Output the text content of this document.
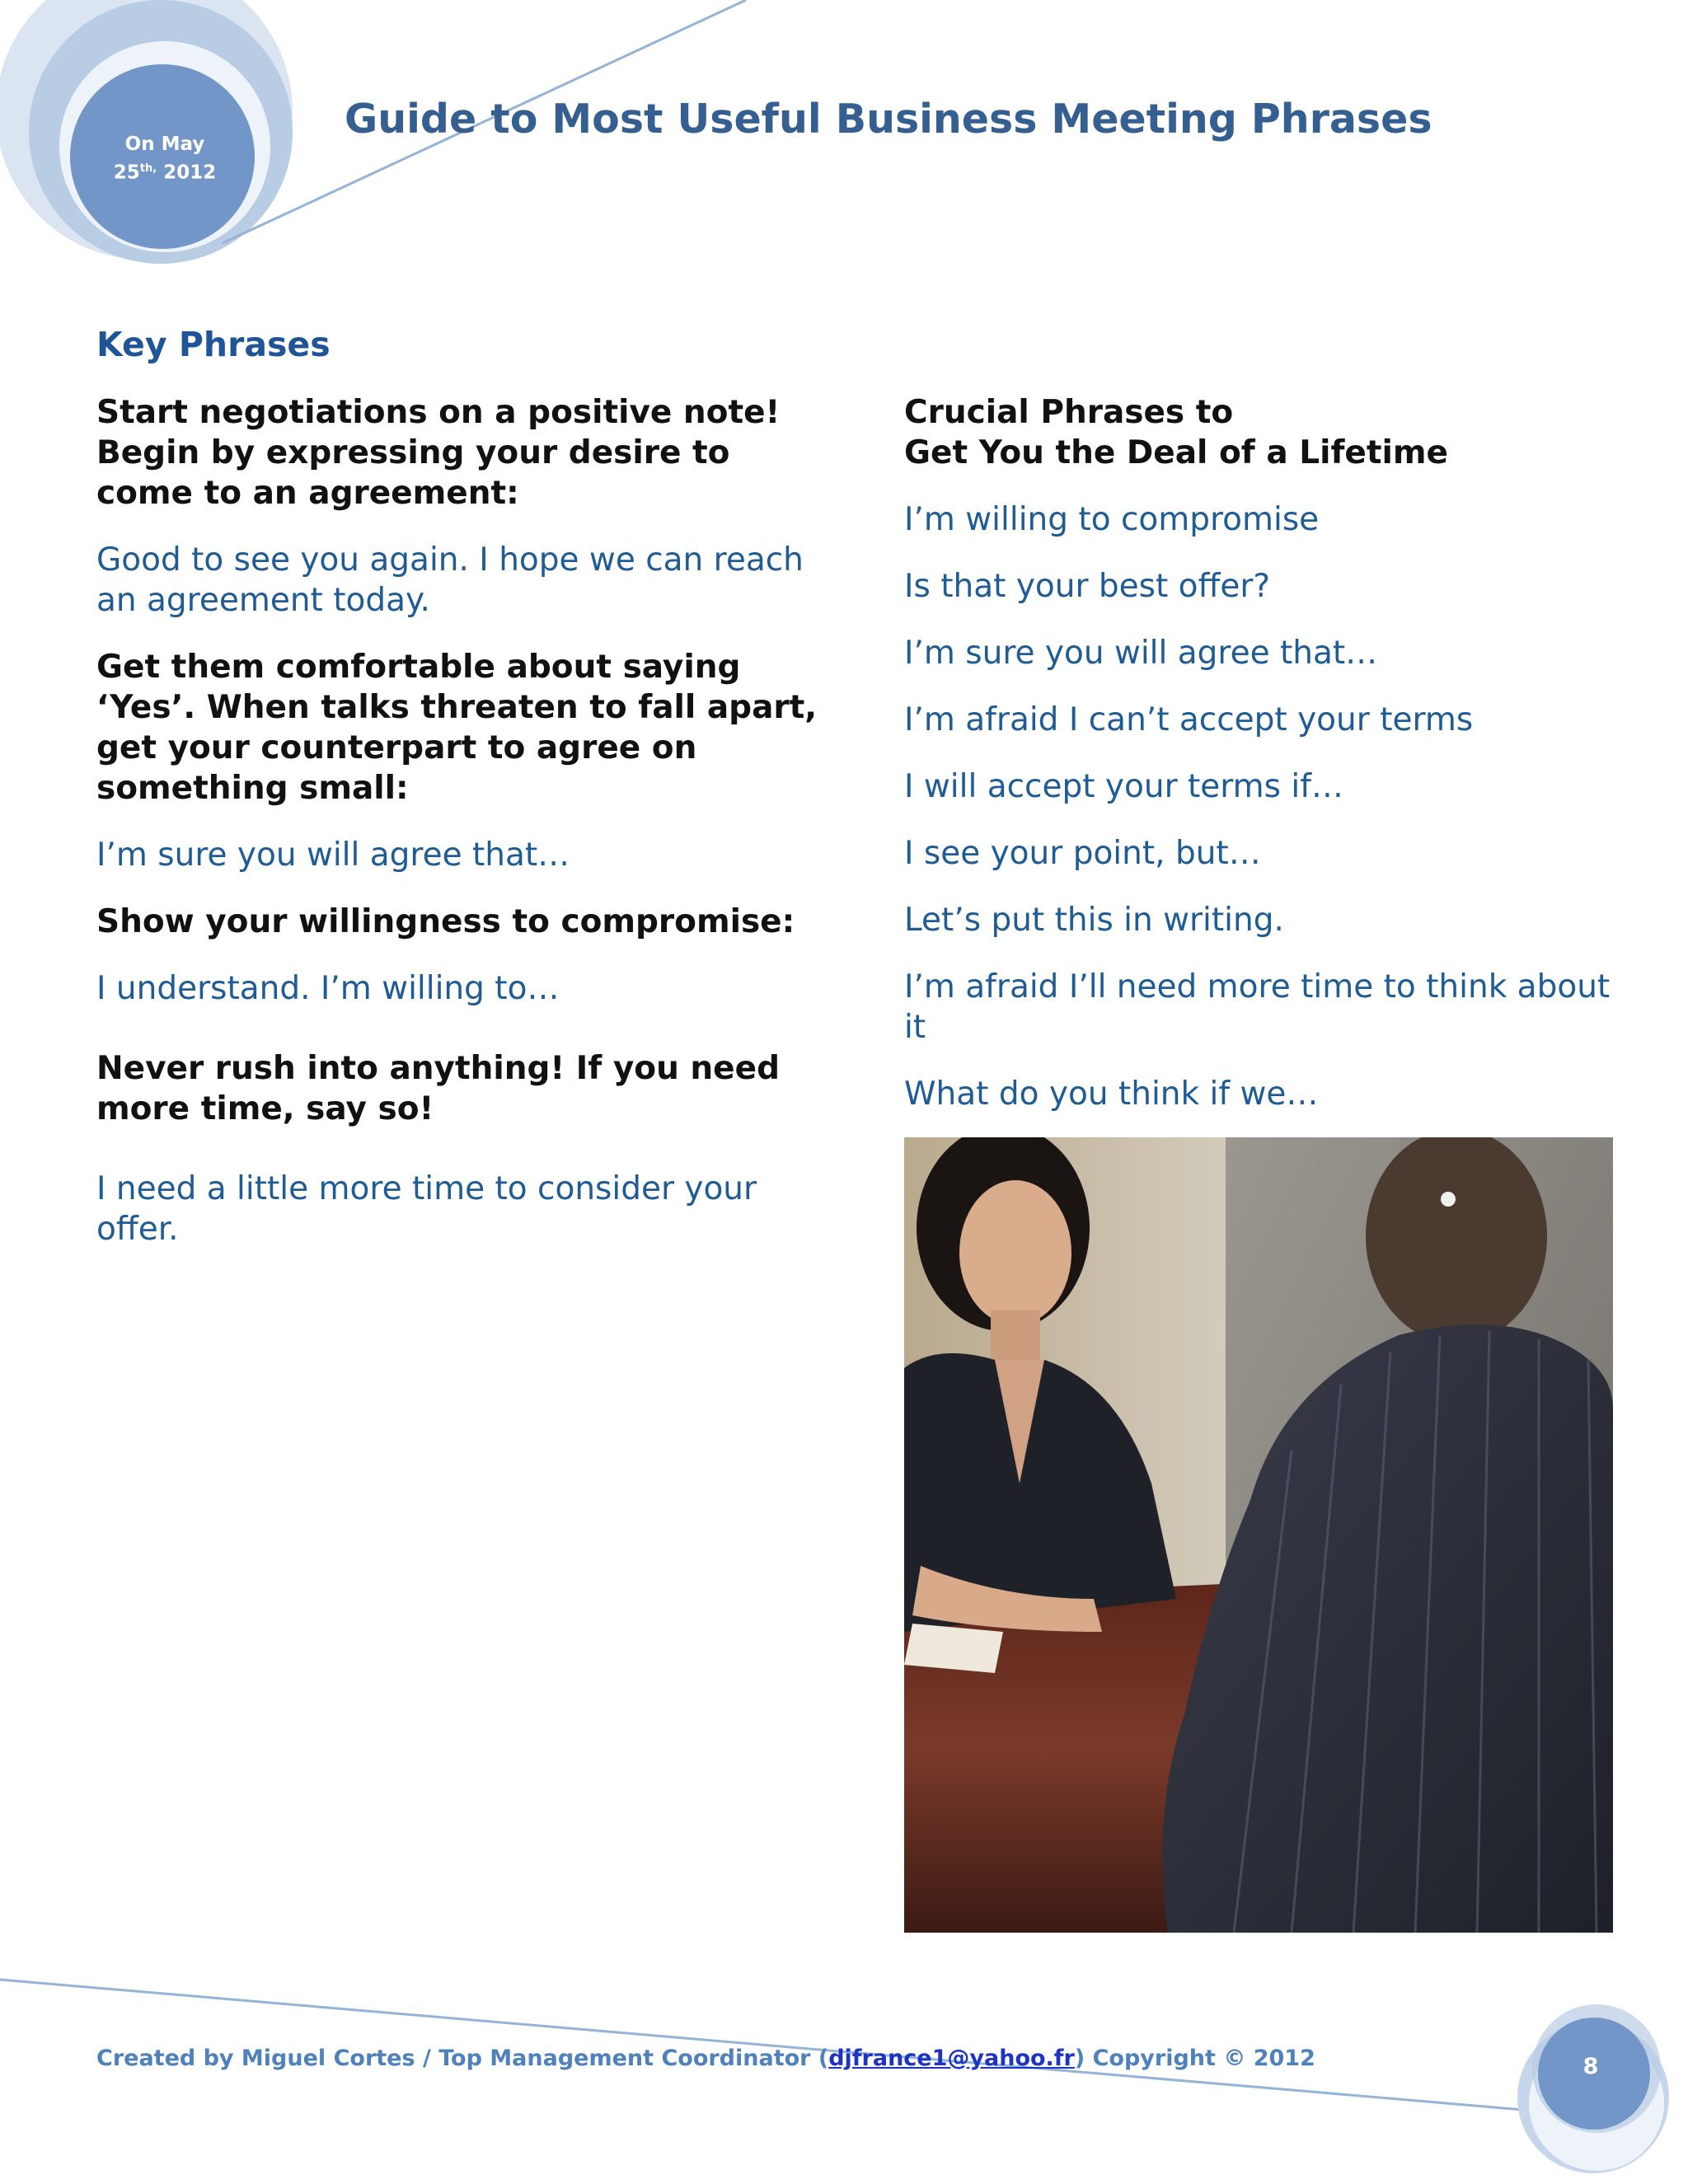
On May
$25^{th,}$ 2012
Guide to Most Useful Business Meeting Phrases
Key Phrases
Start negotiations on a positive note! Begin by expressing your desire to come to an agreement:
Good to see you again. I hope we can reach an agreement today.
Get them comfortable about saying ‘Yes’. When talks threaten to fall apart, get your counterpart to agree on something small:
I’m sure you will agree that…
Show your willingness to compromise:
I understand. I’m willing to…
Never rush into anything! If you need more time, say so!
I need a little more time to consider your offer.
Crucial Phrases to
Get You the Deal of a Lifetime
I’m willing to compromise
Is that your best offer?
I’m sure you will agree that…
I’m afraid I can’t accept your terms
I will accept your terms if…
I see your point, but…
Let’s put this in writing.
I’m afraid I’ll need more time to think about it
What do you think if we…
Created by Miguel Cortes / Top Management Coordinator (djfrance1@yahoo.fr) Copyright © 2012	8
